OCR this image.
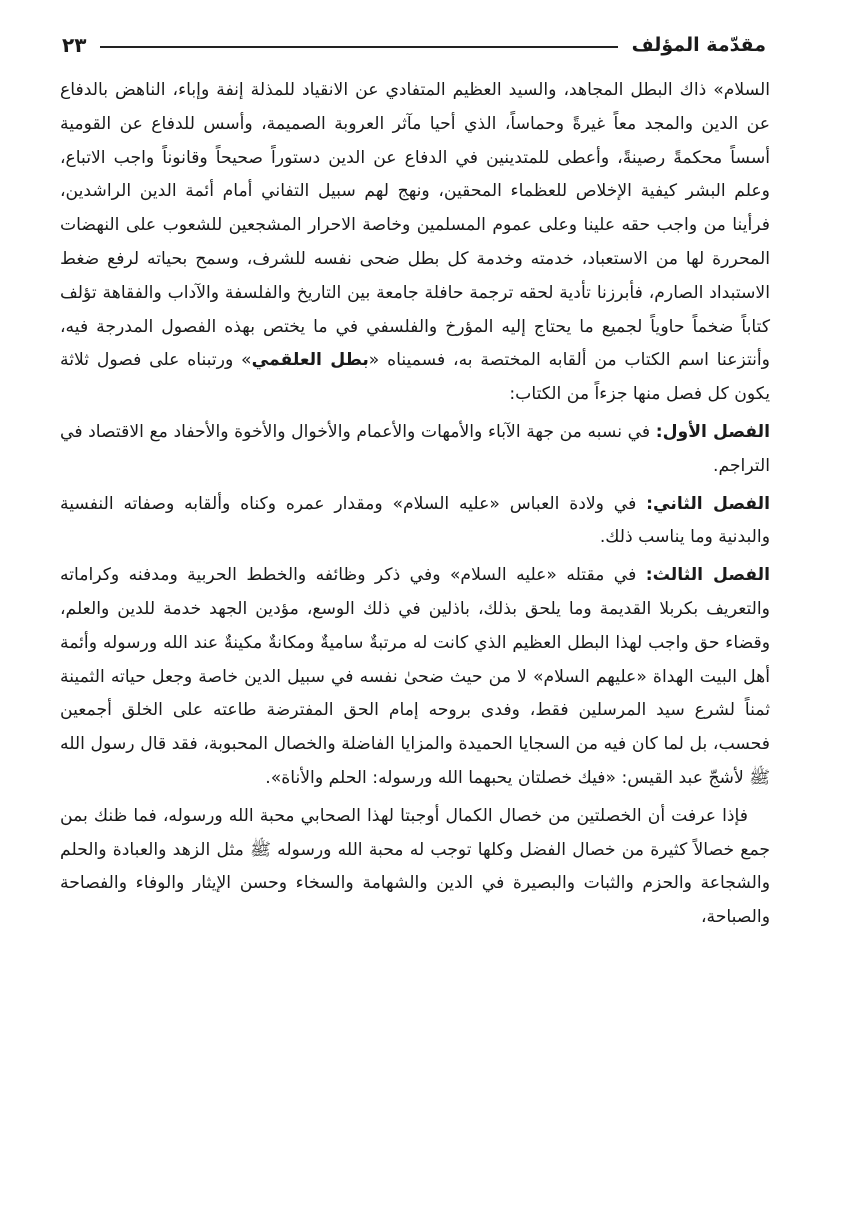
مقدّمة المؤلف
٢٣

السلام» ذاك البطل المجاهد، والسيد العظيم المتفادي عن الانقياد للمذلة إنفة وإباء، الناهض بالدفاع عن الدين والمجد معاً غيرةً وحماساً، الذي أحيا مآثر العروبة الصميمة، وأسس للدفاع عن القومية أسساً محكمةً رصينةً، وأعطى للمتدينين في الدفاع عن الدين دستوراً صحيحاً وقانوناً واجب الاتباع، وعلم البشر كيفية الإخلاص للعظماء المحقين، ونهج لهم سبيل التفاني أمام أئمة الدين الراشدين، فرأينا من واجب حقه علينا وعلى عموم المسلمين وخاصة الاحرار المشجعين للشعوب على النهضات المحررة لها من الاستعباد، خدمته وخدمة كل بطل ضحى نفسه للشرف، وسمح بحياته لرفع ضغط الاستبداد الصارم، فأبرزنا تأدية لحقه ترجمة حافلة جامعة بين التاريخ والفلسفة والآداب والفقاهة تؤلف كتاباً ضخماً حاوياً لجميع ما يحتاج إليه المؤرخ والفلسفي في ما يختص بهذه الفصول المدرجة فيه، وأنتزعنا اسم الكتاب من ألقابه المختصة به، فسميناه «بطل العلقمي» ورتبناه على فصول ثلاثة يكون كل فصل منها جزءاً من الكتاب:

الفصل الأول: في نسبه من جهة الآباء والأمهات والأعمام والأخوال والأخوة والأحفاد مع الاقتصاد في التراجم.

الفصل الثاني: في ولادة العباس «عليه السلام» ومقدار عمره وكناه وألقابه وصفاته النفسية والبدنية وما يناسب ذلك.

الفصل الثالث: في مقتله «عليه السلام» وفي ذكر وظائفه والخطط الحربية ومدفنه وكراماته والتعريف بكربلا القديمة وما يلحق بذلك، باذلين في ذلك الوسع، مؤدين الجهد خدمة للدين والعلم، وقضاء حق واجب لهذا البطل العظيم الذي كانت له مرتبةٌ ساميةٌ ومكانةٌ مكينةٌ عند الله ورسوله وأئمة أهل البيت الهداة «عليهم السلام» لا من حيث ضحىٰ نفسه في سبيل الدين خاصة وجعل حياته الثمينة ثمناً لشرع سيد المرسلين فقط، وفدى بروحه إمام الحق المفترضة طاعته على الخلق أجمعين فحسب، بل لما كان فيه من السجايا الحميدة والمزايا الفاضلة والخصال المحبوبة، فقد قال رسول الله ﷺ لأشجّ عبد القيس: «فيك خصلتان يحبهما الله ورسوله: الحلم والأناة».

فإذا عرفت أن الخصلتين من خصال الكمال أوجبتا لهذا الصحابي محبة الله ورسوله، فما ظنك بمن جمع خصالاً كثيرة من خصال الفضل وكلها توجب له محبة الله ورسوله ﷺ مثل الزهد والعبادة والحلم والشجاعة والحزم والثبات والبصيرة في الدين والشهامة والسخاء وحسن الإيثار والوفاء والفصاحة والصباحة،
